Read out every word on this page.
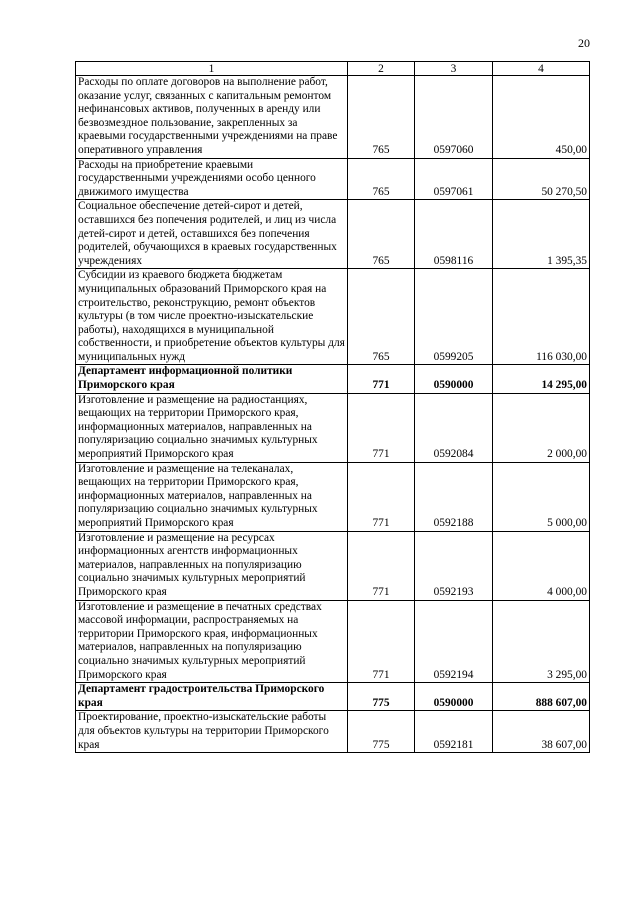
20
1	2	3	4
Расходы по оплате договоров на выполнение работ, оказание услуг, связанных с капитальным ремонтом нефинансовых активов, полученных в аренду или безвозмездное пользование, закрепленных за краевыми государственными учреждениями на праве оперативного управления	765	0597060	450,00
Расходы на приобретение краевыми государственными учреждениями особо ценного движимого имущества	765	0597061	50 270,50
Социальное обеспечение детей-сирот и детей, оставшихся без попечения родителей, и лиц из числа детей-сирот и детей, оставшихся без попечения родителей, обучающихся в краевых государственных учреждениях	765	0598116	1 395,35
Субсидии из краевого бюджета бюджетам муниципальных образований Приморского края на строительство, реконструкцию, ремонт объектов культуры (в том числе проектно-изыскательские работы), находящихся в муниципальной собственности, и приобретение объектов культуры для муниципальных нужд	765	0599205	116 030,00
Департамент информационной политики Приморского края	771	0590000	14 295,00
Изготовление и размещение на радиостанциях, вещающих на территории Приморского края, информационных материалов, направленных на популяризацию социально значимых культурных мероприятий Приморского края	771	0592084	2 000,00
Изготовление и размещение на телеканалах, вещающих на территории Приморского края, информационных материалов, направленных на популяризацию социально значимых культурных мероприятий Приморского края	771	0592188	5 000,00
Изготовление и размещение на ресурсах информационных агентств информационных материалов, направленных на популяризацию социально значимых культурных мероприятий Приморского края	771	0592193	4 000,00
Изготовление и размещение в печатных средствах массовой информации, распространяемых на территории Приморского края, информационных материалов, направленных на популяризацию социально значимых культурных мероприятий Приморского края	771	0592194	3 295,00
Департамент градостроительства Приморского края	775	0590000	888 607,00
Проектирование, проектно-изыскательские работы для объектов культуры на территории Приморского края	775	0592181	38 607,00
